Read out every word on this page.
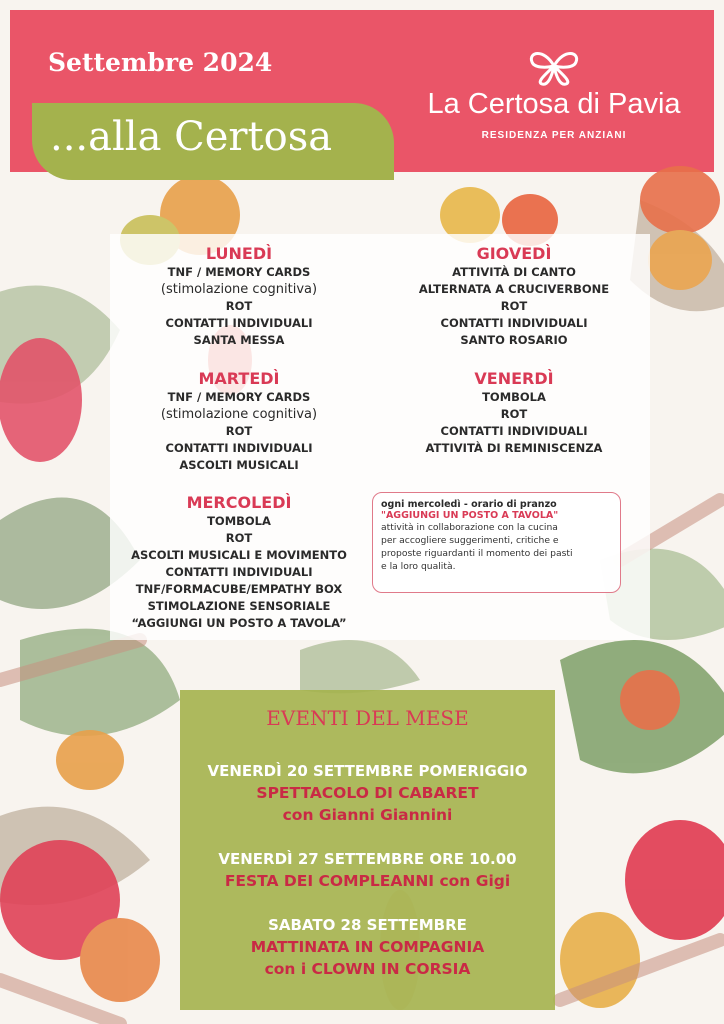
Settembre 2024
...alla Certosa
La Certosa di Pavia
RESIDENZA PER ANZIANI
LUNEDÌ
TNF / MEMORY CARDS
(stimolazione cognitiva)
ROT
CONTATTI INDIVIDUALI
SANTA MESSA
MARTEDÌ
TNF / MEMORY CARDS
(stimolazione cognitiva)
ROT
CONTATTI INDIVIDUALI
ASCOLTI MUSICALI
MERCOLEDÌ
TOMBOLA
ROT
ASCOLTI MUSICALI E MOVIMENTO
CONTATTI INDIVIDUALI
TNF/FORMACUBE/EMPATHY BOX
STIMOLAZIONE SENSORIALE
“AGGIUNGI UN POSTO A TAVOLA”
GIOVEDÌ
ATTIVITÀ DI CANTO
ALTERNATA A CRUCIVERBONE
ROT
CONTATTI INDIVIDUALI
SANTO ROSARIO
VENERDÌ
TOMBOLA
ROT
CONTATTI INDIVIDUALI
ATTIVITÀ DI REMINISCENZA
ogni mercoledì - orario di pranzo
"AGGIUNGI UN POSTO A TAVOLA"
attività in collaborazione con la cucina
per accogliere suggerimenti, critiche e
proposte riguardanti il momento dei pasti
e la loro qualità.
EVENTI DEL MESE
VENERDÌ 20 SETTEMBRE POMERIGGIO
SPETTACOLO DI CABARET
con Gianni Giannini
VENERDÌ 27 SETTEMBRE ORE 10.00
FESTA DEI COMPLEANNI con Gigi
SABATO 28 SETTEMBRE
MATTINATA IN COMPAGNIA
con i CLOWN IN CORSIA
